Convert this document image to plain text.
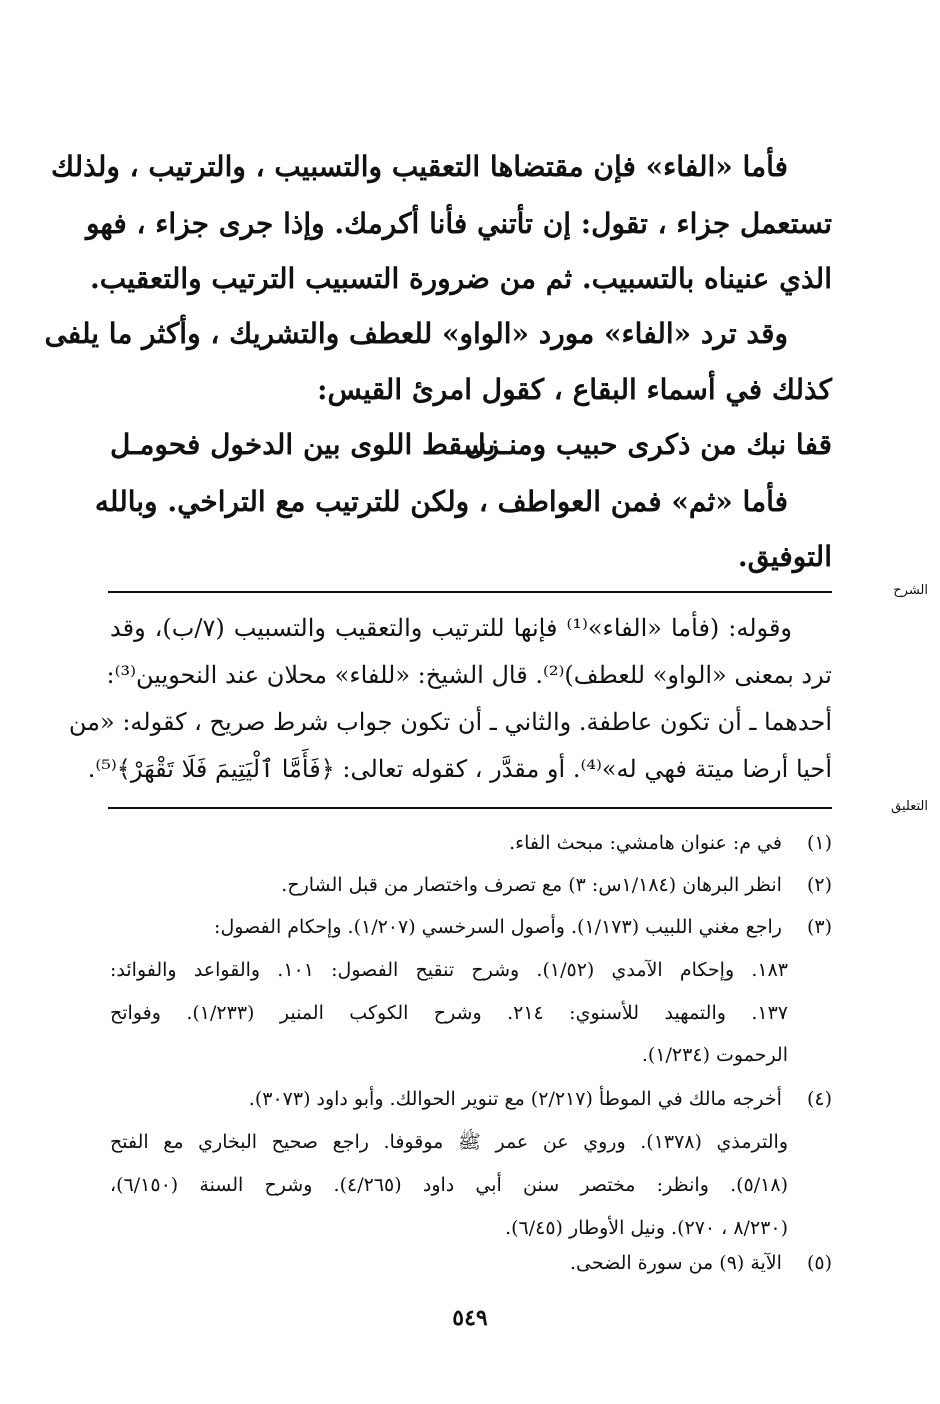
فأما «الفاء» فإن مقتضاها التعقيب والتسبيب ، والترتيب ، ولذلك
تستعمل جزاء ، تقول: إن تأتني فأنا أكرمك. وإذا جرى جزاء ، فهو
الذي عنيناه بالتسبيب. ثم من ضرورة التسبيب الترتيب والتعقيب.
وقد ترد «الفاء» مورد «الواو» للعطف والتشريك ، وأكثر ما يلفى
كذلك في أسماء البقاع ، كقول امرئ القيس:
قفا نبك من ذكرى حبيب ومنـزل
بسقط اللوى بين الدخول فحومـل
فأما «ثم» فمن العواطف ، ولكن للترتيب مع التراخي. وبالله
التوفيق.
الشرح
وقوله: (فأما «الفاء»⁽¹⁾ فإنها للترتيب والتعقيب والتسبيب (٧/ب)، وقد
ترد بمعنى «الواو» للعطف)⁽²⁾. قال الشيخ: «للفاء» محلان عند النحويين⁽³⁾:
أحدهما ـ أن تكون عاطفة. والثاني ـ أن تكون جواب شرط صريح ، كقوله: «من
أحيا أرضا ميتة فهي له»⁽⁴⁾. أو مقدَّر ، كقوله تعالى: ﴿فَأَمَّا ٱلْيَتِيمَ فَلَا تَقْهَرْ﴾⁽⁵⁾.
التعليق
(١) في م: عنوان هامشي: مبحث الفاء.
(٢) انظر البرهان (١/١٨٤س: ٣) مع تصرف واختصار من قبل الشارح.
(٣) راجع مغني اللبيب (١/١٧٣). وأصول السرخسي (١/٢٠٧). وإحكام الفصول:
١٨٣. وإحكام الآمدي (١/٥٢). وشرح تنقيح الفصول: ١٠١. والقواعد والفوائد:
١٣٧. والتمهيد للأسنوي: ٢١٤. وشرح الكوكب المنير (١/٢٣٣). وفواتح
الرحموت (١/٢٣٤).
(٤) أخرجه مالك في الموطأ (٢/٢١٧) مع تنوير الحوالك. وأبو داود (٣٠٧٣).
والترمذي (١٣٧٨). وروي عن عمر ﷺ موقوفا. راجع صحيح البخاري مع الفتح
(٥/١٨). وانظر: مختصر سنن أبي داود (٤/٢٦٥). وشرح السنة (٦/١٥٠)،
(٨/٢٣٠ ، ٢٧٠). ونيل الأوطار (٦/٤٥).
(٥) الآية (٩) من سورة الضحى.
٥٤٩
